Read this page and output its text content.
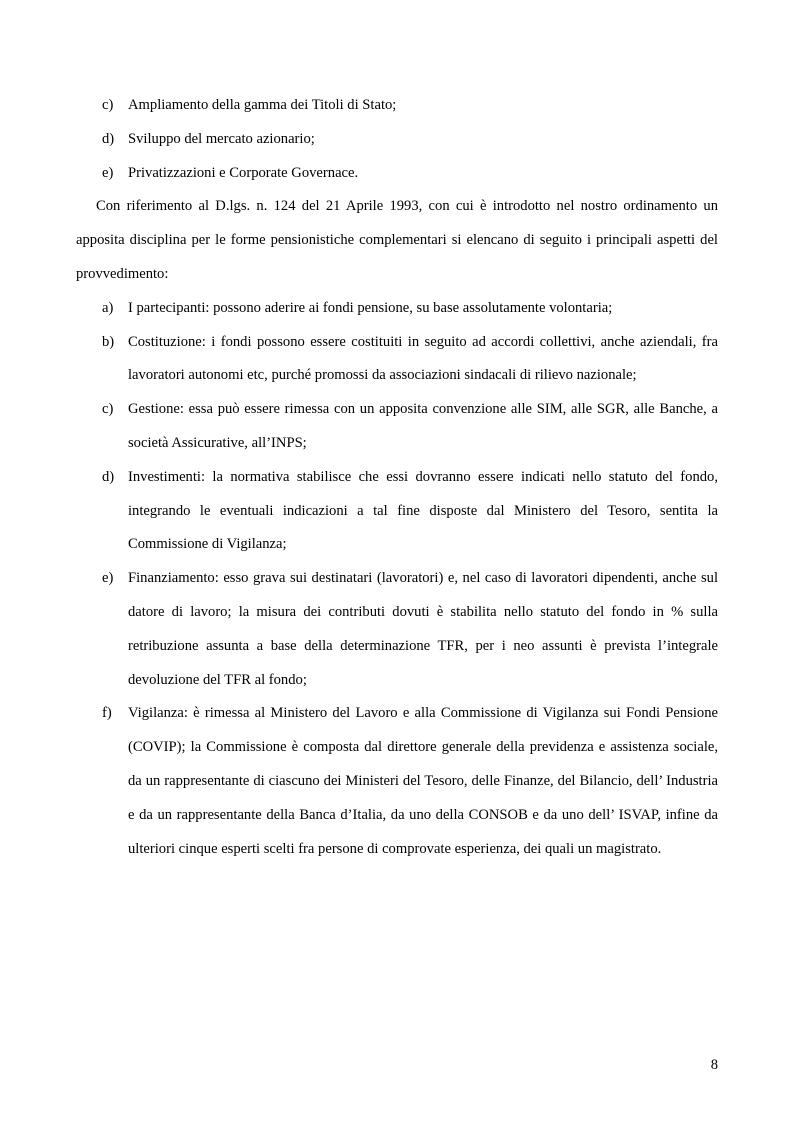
c)	Ampliamento della gamma dei Titoli di Stato;
d) Sviluppo del mercato azionario;
e)	Privatizzazioni e Corporate Governace.

Con riferimento al D.lgs. n. 124 del 21 Aprile 1993, con cui è introdotto nel nostro ordinamento un apposita disciplina per le forme pensionistiche complementari si elencano di seguito i principali aspetti del provvedimento:

a)	I partecipanti: possono aderire ai fondi pensione, su base assolutamente volontaria;
b) Costituzione: i fondi possono essere costituiti in seguito ad accordi collettivi, anche aziendali, fra lavoratori autonomi etc, purché promossi da associazioni sindacali di rilievo nazionale;
c)	Gestione: essa può essere rimessa con un apposita convenzione alle SIM, alle SGR, alle Banche, a società Assicurative, all’INPS;
d) Investimenti: la normativa stabilisce che essi dovranno essere indicati nello statuto del fondo, integrando le eventuali indicazioni a tal fine disposte dal Ministero del Tesoro, sentita la Commissione di Vigilanza;
e)	Finanziamento: esso grava sui destinatari (lavoratori) e, nel caso di lavoratori dipendenti, anche sul datore di lavoro; la misura dei contributi dovuti è stabilita nello statuto del fondo in % sulla retribuzione assunta a base della determinazione TFR, per i neo assunti è prevista l’integrale devoluzione del TFR al fondo;
f)	Vigilanza: è rimessa al Ministero del Lavoro e alla Commissione di Vigilanza sui Fondi Pensione (COVIP); la Commissione è composta dal direttore generale della previdenza e assistenza sociale, da un rappresentante di ciascuno dei Ministeri del Tesoro, delle Finanze, del Bilancio, dell’ Industria e da un rappresentante della Banca d’Italia, da uno della CONSOB e da uno dell’ ISVAP, infine da ulteriori cinque esperti scelti fra persone di comprovate esperienza, dei quali un magistrato.
8
